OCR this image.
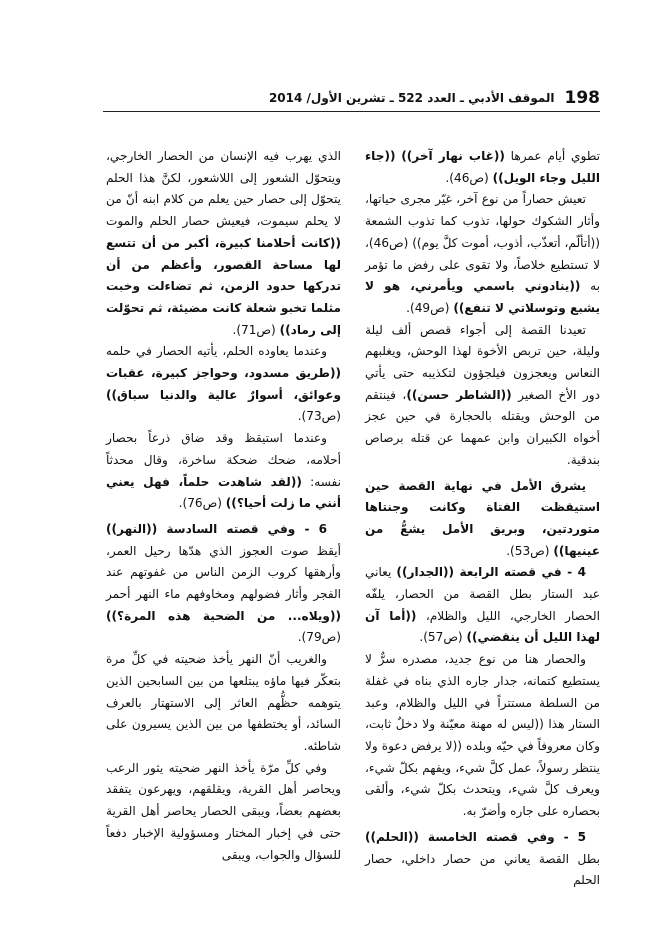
198
الموقف الأدبي ـ العدد 522 ـ تشرين الأول/ 2014

تطوي أيام عمرها ((غاب نهار آخر)) ((جاء الليل وجاء الويل)) (ص46).

تعيش حصاراً من نوع آخر، غيّر مجرى حياتها، وأثار الشكوك حولها، تذوب كما تذوب الشمعة ((أتألّم، أتعذّب، أذوب، أموت كلَّ يوم)) (ص46)، لا تستطيع خلاصاً، ولا تقوى على رفض ما تؤمر به ((ينادوني باسمي ويأمرني، هو لا يشبع وتوسلاتي لا تنفع)) (ص49).

تعيدنا القصة إلى أجواء قصص ألف ليلة وليلة، حين تربص الأخوة لهذا الوحش، ويغلبهم النعاس ويعجزون فيلجؤون لتكذيبه حتى يأتي دور الأخ الصغير ((الشاطر حسن))، فينتقم من الوحش ويقتله بالحجارة في حين عجز أخواه الكبيران وابن عمهما عن قتله برصاص بندقية.

يشرق الأمل في نهاية القصة حين استيقظت الفتاة وكانت وجنتاها متوردتين، وبريق الأمل يشعُّ من عينيها)) (ص53).

4 - في قصته الرابعة ((الجدار)) يعاني عبد الستار بطل القصة من الحصار، يلفّه الحصار الخارجي، الليل والظلام، ((أما آن لهذا الليل أن ينقضي)) (ص57).

والحصار هنا من نوع جديد، مصدره سرٌّ لا يستطيع كتمانه، جدار جاره الذي بناه في غفلة من السلطة مستتراً في الليل والظلام، وعبد الستار هذا ((ليس له مهنة معيّنة ولا دخلٌ ثابت، وكان معروفاً في حيّه وبلده ((لا يرفض دعوة ولا ينتظر رسولاً، عمل كلَّ شيء، ويفهم بكلّ شيء، ويعرف كلَّ شيء، ويتحدث بكلّ شيء، وألقى بحصاره على جاره وأضرّ به.

5 - وفي قصته الخامسة ((الحلم)) بطل القصة يعاني من حصار داخلي، حصار الحلم

الذي يهرب فيه الإنسان من الحصار الخارجي، ويتحوّل الشعور إلى اللاشعور، لكنَّ هذا الحلم يتحوّل إلى حصار حين يعلم من كلام ابنه أنّ من لا يحلم سيموت، فيعيش حصار الحلم والموت ((كانت أحلامنا كبيرة، أكبر من أن تتسع لها مساحة القصور، وأعظم من أن تدركها حدود الزمن، ثم تضاءلت وخبت مثلما تخبو شعلة كانت مضيئة، ثم تحوّلت إلى رماد)) (ص71).

وعندما يعاوده الحلم، يأتيه الحصار في حلمه ((طريق مسدود، وحواجز كبيرة، عقبات وعوائق، أسوارٌ عالية والدنيا سباق)) (ص73).

وعندما استيقظ وقد ضاق ذرعاً بحصار أحلامه، ضحك ضحكة ساخرة، وقال محدثاً نفسه: ((لقد شاهدت حلماً، فهل يعني أنني ما زلت أحيا؟)) (ص76).

6 - وفي قصته السادسة ((النهر)) أيقظ صوت العجوز الذي هدّها رحيل العمر، وأرهقها كروب الزمن الناس من غفوتهم عند الفجر وأثار فضولهم ومخاوفهم ماء النهر أحمر ((ويلاه... من الضحية هذه المرة؟)) (ص79).

والغريب أنّ النهر يأخذ ضحيته في كلِّ مرة بتعكّر فيها ماؤه يبتلعها من بين السابحين الذين يتوهمه حظُّهم العاثر إلى الاستهتار بالعرف السائد، أو يختطفها من بين الذين يسيرون على شاطئه.

وفي كلِّ مرّة يأخذ النهر ضحيته يثور الرعب ويحاصر أهل القرية، ويقلقهم، ويهرعون يتفقد بعضهم بعضاً، ويبقى الحصار يحاصر أهل القرية حتى في إخبار المختار ومسؤولية الإخبار دفعاً للسؤال والجواب، ويبقى
